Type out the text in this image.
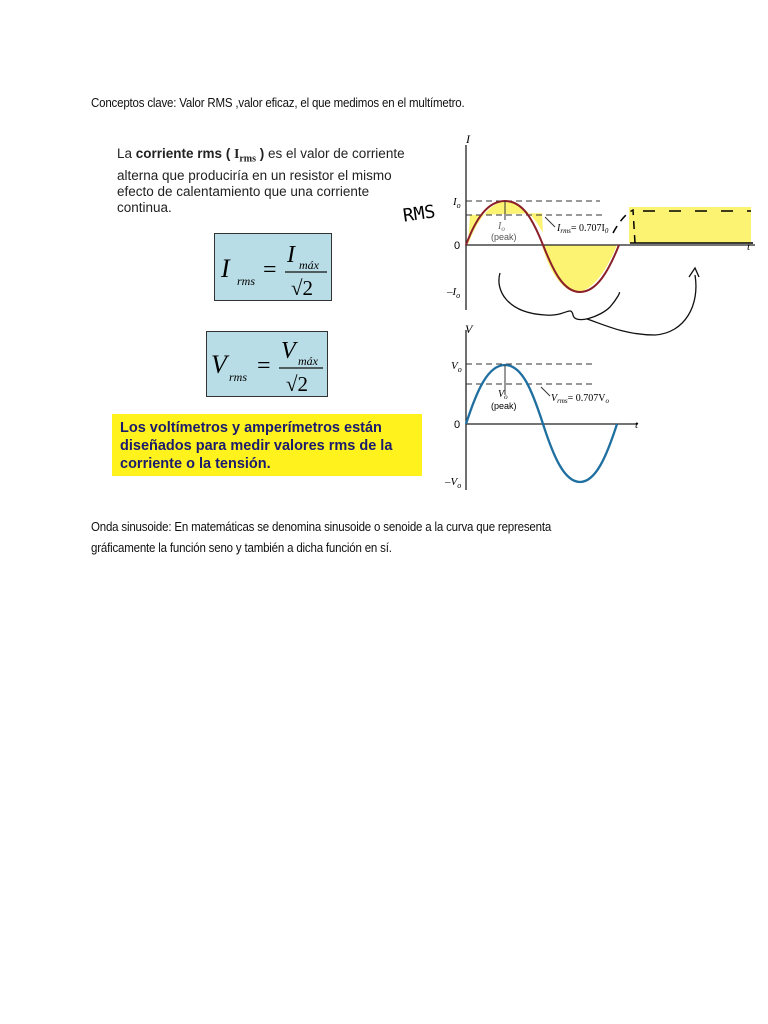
Conceptos clave: Valor RMS ,valor eficaz, el que medimos en el multímetro.
La corriente rms ( $I_{rms}$ ) es el valor de corriente alterna que produciría en un resistor el mismo efecto de calentamiento que una corriente continua.
I rms =
I máx
√2
V rms =
V máx
√2
Los voltímetros y amperímetros están diseñados para medir valores rms de la corriente o la tensión.
I
$I_o$
0
$-I_o$
$I_o$
(peak)
$I_{rms}= 0.707I_0$
t
RMS
V
$V_o$
0
$-V_o$
$V_o$
(peak)
$V_{rms}= 0.707V_o$
t
Onda sinusoide: En matemáticas se denomina sinusoide o senoide a la curva que representa
gráficamente la función seno y también a dicha función en sí.
